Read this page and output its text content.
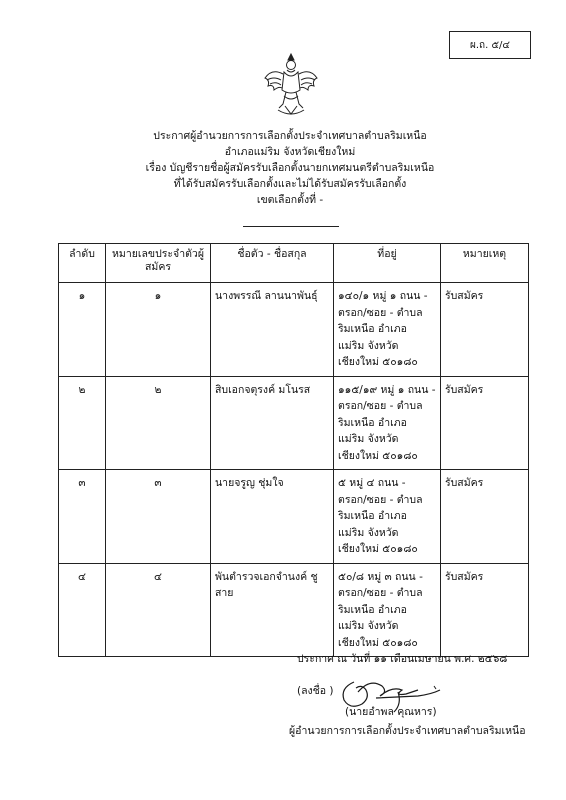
ผ.ถ. ๕/๔
ประกาศผู้อำนวยการการเลือกตั้งประจำเทศบาลตำบลริมเหนือ
อำเภอแม่ริม จังหวัดเชียงใหม่
เรื่อง บัญชีรายชื่อผู้สมัครรับเลือกตั้งนายกเทศมนตรีตำบลริมเหนือ
ที่ได้รับสมัครรับเลือกตั้งและไม่ได้รับสมัครรับเลือกตั้ง
เขตเลือกตั้งที่ -
ลำดับ	หมายเลขประจำตัวผู้สมัคร	ชื่อตัว - ชื่อสกุล	ที่อยู่	หมายเหตุ
๑	๑	นางพรรณี ลานนาพันธุ์	๑๔๐/๑ หมู่ ๑ ถนน - ตรอก/ซอย - ตำบล ริมเหนือ อำเภอ แม่ริม จังหวัด เชียงใหม่ ๕๐๑๘๐	รับสมัคร
๒	๒	สิบเอกจตุรงค์ มโนรส	๑๑๕/๑๙ หมู่ ๑ ถนน - ตรอก/ซอย - ตำบล ริมเหนือ อำเภอ แม่ริม จังหวัด เชียงใหม่ ๕๐๑๘๐	รับสมัคร
๓	๓	นายจรูญ ชุ่มใจ	๕ หมู่ ๔ ถนน - ตรอก/ซอย - ตำบล ริมเหนือ อำเภอ แม่ริม จังหวัด เชียงใหม่ ๕๐๑๘๐	รับสมัคร
๔	๔	พันตำรวจเอกจำนงค์ ชูสาย	๕๐/๘ หมู่ ๓ ถนน - ตรอก/ซอย - ตำบล ริมเหนือ อำเภอ แม่ริม จังหวัด เชียงใหม่ ๕๐๑๘๐	รับสมัคร
ประกาศ ณ วันที่ ๑๑ เดือนเมษายน พ.ศ. ๒๕๖๘
(ลงชื่อ )
(นายอำพล คุณหาร)
ผู้อำนวยการการเลือกตั้งประจำเทศบาลตำบลริมเหนือ
